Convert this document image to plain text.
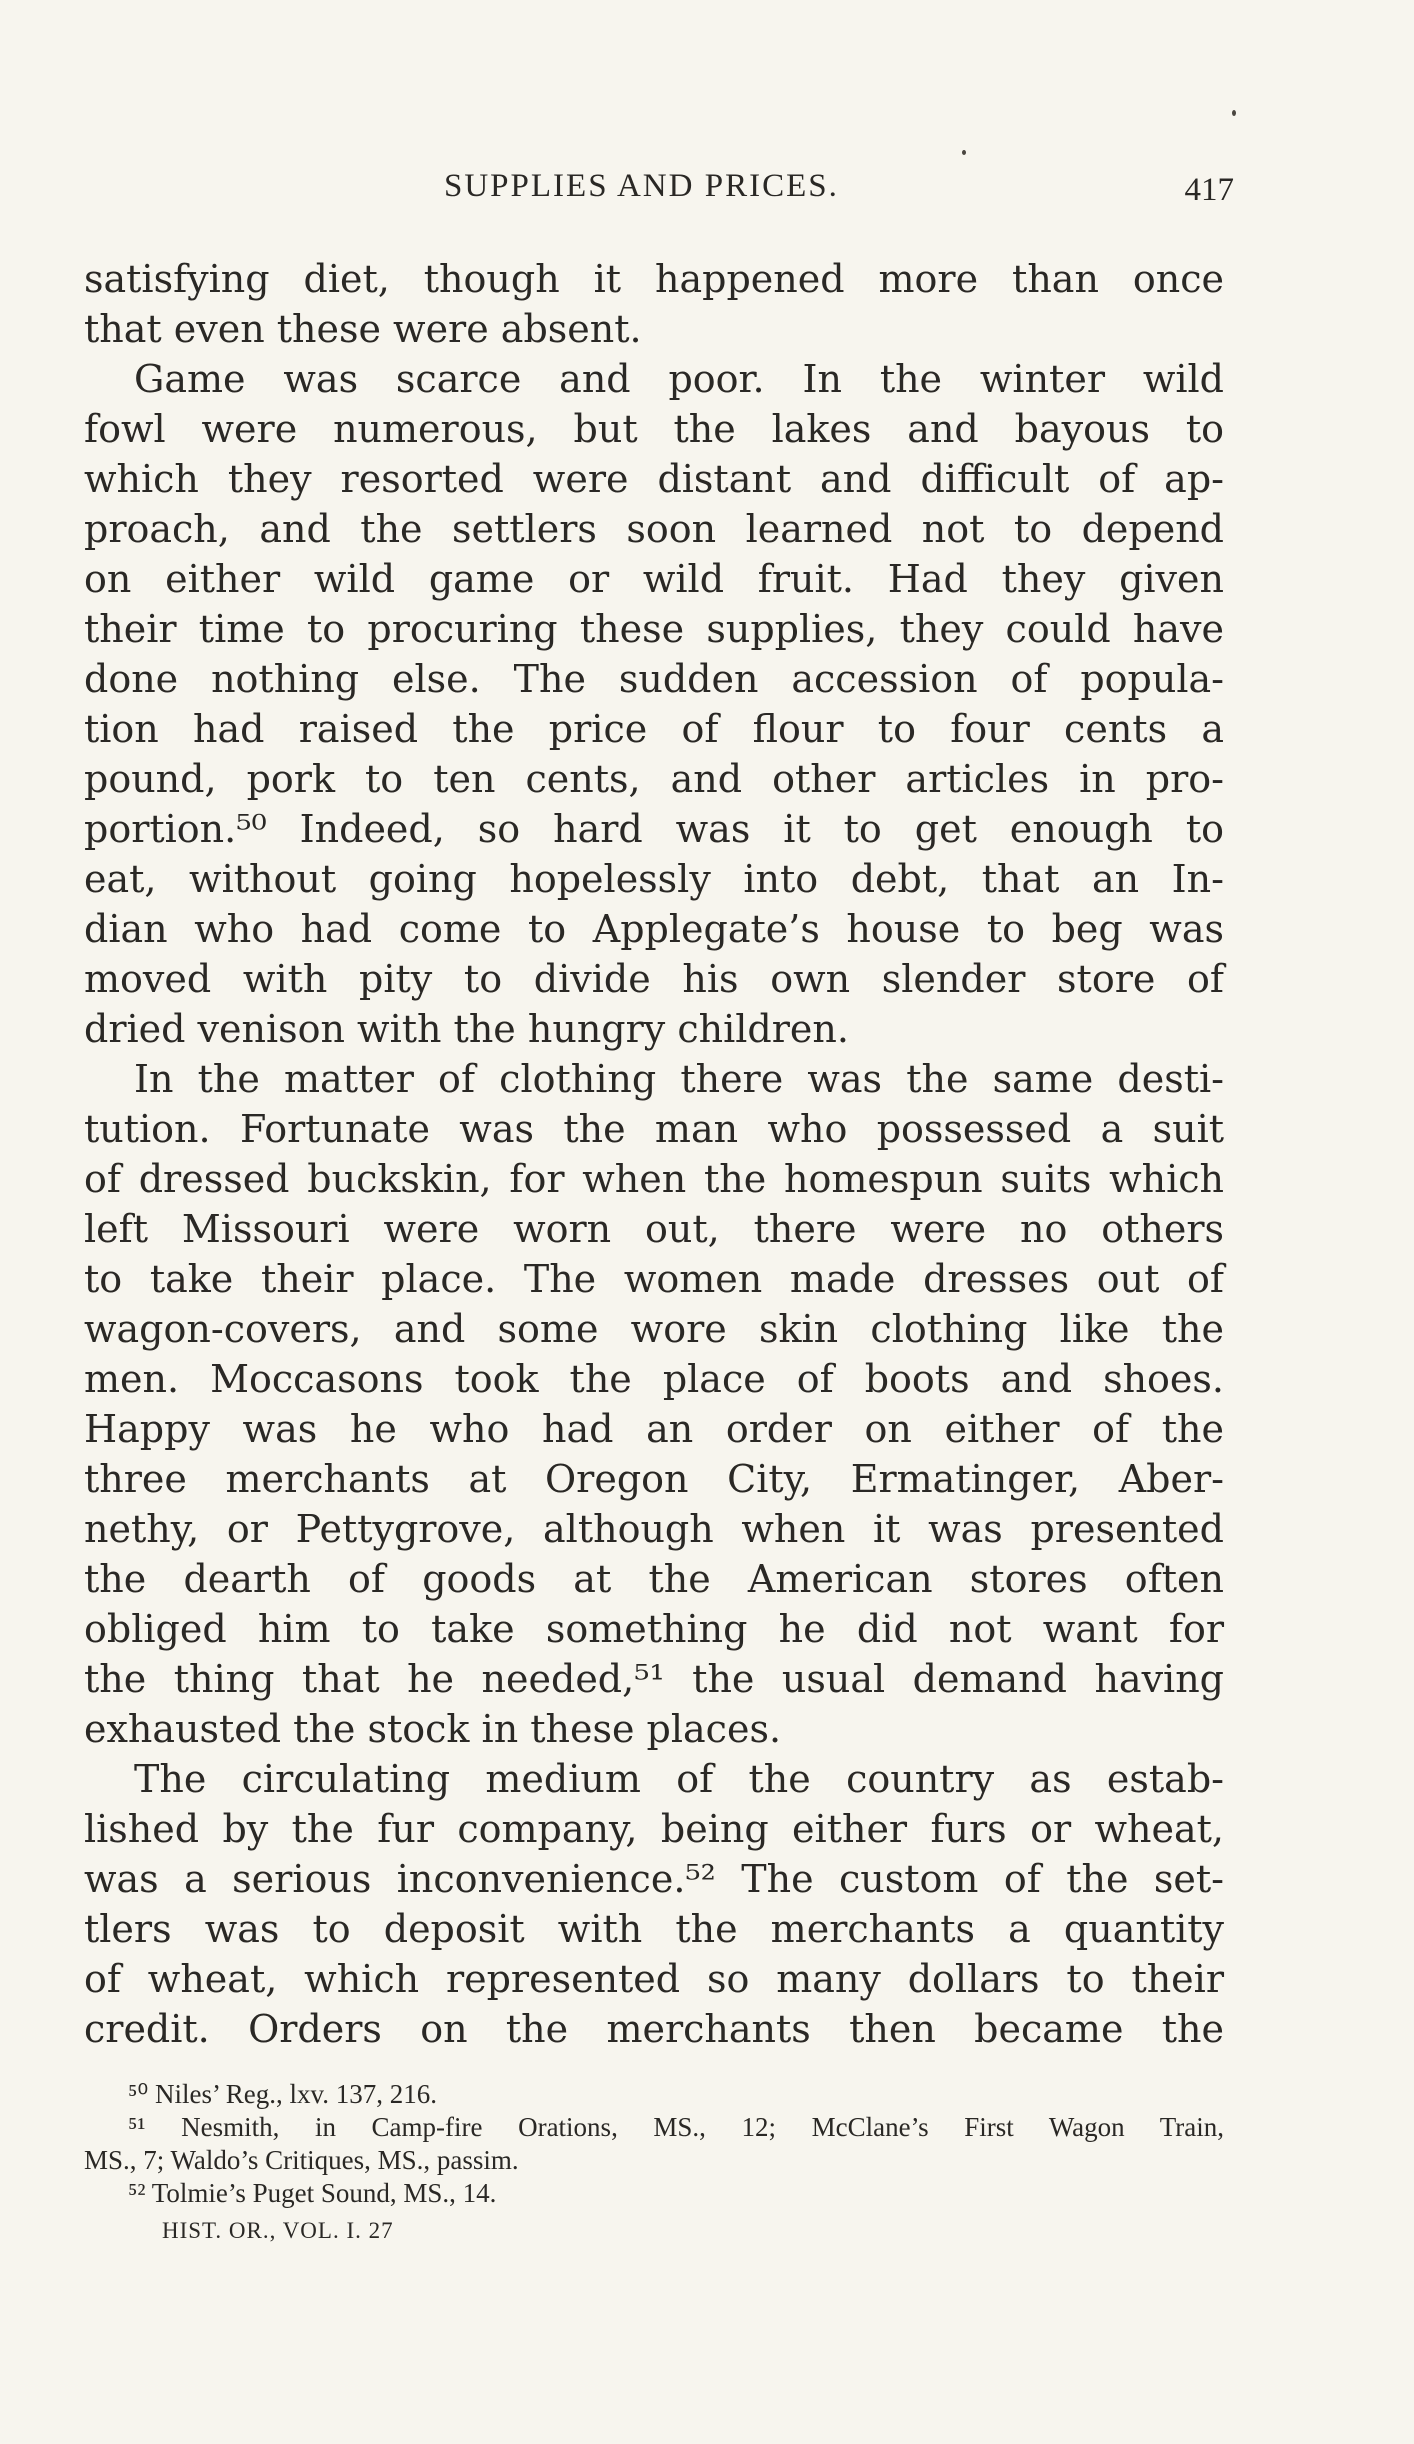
SUPPLIES AND PRICES.	417
satisfying diet, though it happened more than once
that even these were absent.
Game was scarce and poor. In the winter wild
fowl were numerous, but the lakes and bayous to
which they resorted were distant and difficult of ap-
proach, and the settlers soon learned not to depend
on either wild game or wild fruit. Had they given
their time to procuring these supplies, they could have
done nothing else. The sudden accession of popula-
tion had raised the price of flour to four cents a
pound, pork to ten cents, and other articles in pro-
portion.⁵⁰ Indeed, so hard was it to get enough to
eat, without going hopelessly into debt, that an In-
dian who had come to Applegate’s house to beg was
moved with pity to divide his own slender store of
dried venison with the hungry children.
In the matter of clothing there was the same desti-
tution. Fortunate was the man who possessed a suit
of dressed buckskin, for when the homespun suits which
left Missouri were worn out, there were no others
to take their place. The women made dresses out of
wagon-covers, and some wore skin clothing like the
men. Moccasons took the place of boots and shoes.
Happy was he who had an order on either of the
three merchants at Oregon City, Ermatinger, Aber-
nethy, or Pettygrove, although when it was presented
the dearth of goods at the American stores often
obliged him to take something he did not want for
the thing that he needed,⁵¹ the usual demand having
exhausted the stock in these places.
The circulating medium of the country as estab-
lished by the fur company, being either furs or wheat,
was a serious inconvenience.⁵² The custom of the set-
tlers was to deposit with the merchants a quantity
of wheat, which represented so many dollars to their
credit. Orders on the merchants then became the
⁵⁰ Niles’ Reg., lxv. 137, 216.
⁵¹ Nesmith, in Camp-fire Orations, MS., 12; McClane’s First Wagon Train,
MS., 7; Waldo’s Critiques, MS., passim.
⁵² Tolmie’s Puget Sound, MS., 14.
HIST. OR., VOL. I. 27
